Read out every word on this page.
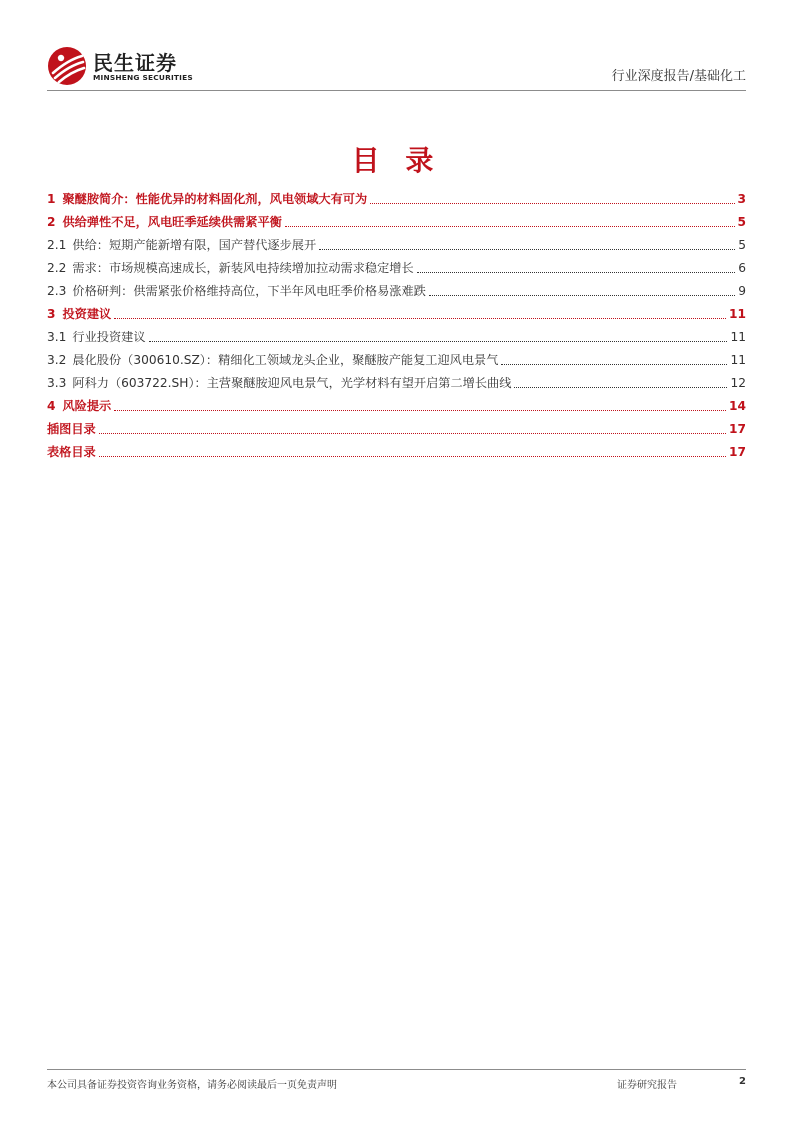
民生证券
MINSHENG SECURITIES	行业深度报告/基础化工
目 录
1 聚醚胺简介：性能优异的材料固化剂，风电领域大有可为	3
2 供给弹性不足，风电旺季延续供需紧平衡	5
2.1 供给：短期产能新增有限，国产替代逐步展开	5
2.2 需求：市场规模高速成长，新装风电持续增加拉动需求稳定增长	6
2.3 价格研判：供需紧张价格维持高位，下半年风电旺季价格易涨难跌	9
3 投资建议	11
3.1 行业投资建议	11
3.2 晨化股份（300610.SZ）：精细化工领域龙头企业，聚醚胺产能复工迎风电景气	11
3.3 阿科力（603722.SH）：主营聚醚胺迎风电景气，光学材料有望开启第二增长曲线	12
4 风险提示	14
插图目录	17
表格目录	17
本公司具备证券投资咨询业务资格，请务必阅读最后一页免责声明	证券研究报告	2
